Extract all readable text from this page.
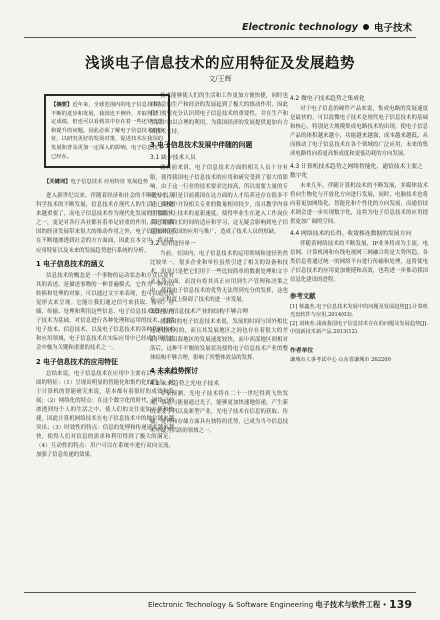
Electronic technology 电子技术
浅谈电子信息技术的应用特征及发展趋势
文/王辉
【摘要】近年来，全球范围内的电子信息技术在不断的进步和发展，我国也不例外，并取得了一定成绩，但也可以看到其中存在着一些还待改进和提升的问题。因此必须了解电子信息技术的特征，以研究更好的发展对策，促进技术在我国的发展和普及更加一定深入的影响，电子信息技术已经在。
【关键词】电子信息技术 应用特征 发展趋势

进入新世纪以来，伴随着经济和社会的不断进步以及科学技术的不断发展，信息技术在现代人的生活中已经越来越重要了，而电子信息技术作为现代化发展的主要技术之一，更是对各行各业都有着举足轻重的作用，除了给我国的经济发展带来很大的推动作用之外，电子信息技术还在不断地渗透到社会的方方面面，因此在本文中，将对其应用特征以及未来的发展趋势进行系统的分析。

1 电子信息技术的涵义

信息技术的概念是一个事物的运动状态和方式以及对其的表述，是描述事物的一种普遍模式，它作为一种可以转换和处理的对象，可以通过文字来表现，也可以通过视觉形式来呈现。它能让我们通过信号来获取、接收、存储、传输、处理和利用这些信息，电子信息技术就是以电子技术为基础，对信息进行各种处理和运用的技术，包括电子技术、信息技术，以及电子信息技术的各种基础技术和应用领域，电子信息技术在实际应用中已经成为现代社会中极为关键和重要的技术之一。

2 电子信息技术的应用特征

总结来说，电子信息技术在应用中主要有以下几个方面的特征：（1）呈现出明显的智能化和集约化的特点，对于计算机的智能研究来说，基本都有着很好的成效和发展；（2）网络化的特点：在这个数字化的时代，网络已经渗透到每个人的生活之中，使人们的交往更加方便和快捷，因此计算机网络技术在电子信息技术中的地位越来越突出；（3）时效性的特点：信息的处理和传递速度越来越快，使得人们对信息的需求和利用得到了极大的满足；（4）互动性的特点：用户可以在系统中进行双向交流，加强了信息传递的效果。

技术能够使人们的生活和工作更加方便快捷，同时也对社会的生产和经济的发展起到了极大的推动作用，因此我们需要充分认识到电子信息技术的重要性，并在生产和生活中加以合理的利用，为我国经济的发展提供更加有力的技术支持。

3 电子信息技术发展中伴随的问题
3.1 缺少技术人员

就目前来说，电子信息技术方面的相关人员十分有限，使得我国电子信息技术的应用和研究受到了很大的影响，由于这一行业的技术要求比较高，所以需要大量的专业人才，但是目前我国在这方面的人才培养还存在很多不足，高校中开设相关专业的数量相对较少，而且教学内容往往跟不上技术的更新速度，使得毕业生在进入工作岗位后还需要较长时间的适应和学习，这无疑会影响到电子信息技术在我国的应用与推广，造成了技术人员的短缺。

3.2 运用途径单一

当前，在国内，电子信息技术的运用领域和途径仍然比较单一，很多企业和单位虽然引进了相关的设备和技术，但是只是把它们用于一些比较简单的数据处理和文字录入等方面，而没有将其真正应用到生产管理和决策之中，使得电子信息技术的优势无法得到充分的发挥，这也在一定程度上阻碍了技术的进一步发展。

3.3 电子信息技术产业的结构不够合理

就我国的电子信息技术来说，发展的时间与国外相比还是比较短的，而且其发展地区之间也存在着很大的差距，东部沿海地区的发展速度较快，而中西部地区则相对落后，这种不平衡的发展状况使得电子信息技术产业的整体结构不够合理，影响了其整体效益的发挥。

4 未来趋势探讨
4.1 未来趋势之光电子技术

专家预测，光电子技术将在二十一世纪得到飞快发展，信息与能量通过光子，能够更加快速地传递，产生新的交叉学科以及新型产业，光电子技术在信息的获取、传输、处理和存储方面具有独特的优势，已成为当今信息技术中最为活跃的领域之一。

4.2 微电子技术趋势之集成化

对于电子信息的硬件产品来说，集成电路的发展速度是最快的，可以说微电子技术是现代电子信息技术的基础和核心，特别是大规模集成电路技术的出现，使电子信息产品的体积越来越小，功能越来越强，成本越来越低，从而推动了电子信息技术在各个领域的广泛应用，未来的集成电路将向着更高集成度和更低功耗的方向发展。

4.3 计算机技术趋势之网络智能化、通信技术主要之数字化

未来几年，伴随计算机技术的不断发展，多媒体技术将向生物化与开放化方向进行发展，同时，电脑技术也将向着更加网络化、智能化和个性化的方向发展，而通信技术则会进一步实现数字化，这将为电子信息技术的应用提供更加广阔的空间。

4.4 网络技术的长得、收敛移连数据的发展方向

伴随着网络技术的不断发展，IP业务将成为主流，电信网、计算机网和有线电视网三网融合将是大势所趋，各类信息将通过统一的网络平台进行传输和处理，这将使电子信息技术的应用更加便捷和高效，也将进一步推动我国信息化建设的进程。

参考文献

[1] 蔡鑫杰.电子信息技术发展中的问题及发展趋势[J].计算机光盘软件与应用,2014(03).

[2] 刘林杰.浅谈我国电子信息技术存在的问题及发展趋势[J].中国新技术新产品,2013(12).

作者单位
谦城市人事考试中心 山东省谦城市 262200
Electronic Technology & Software Engineering 电子技术与软件工程 • 139
